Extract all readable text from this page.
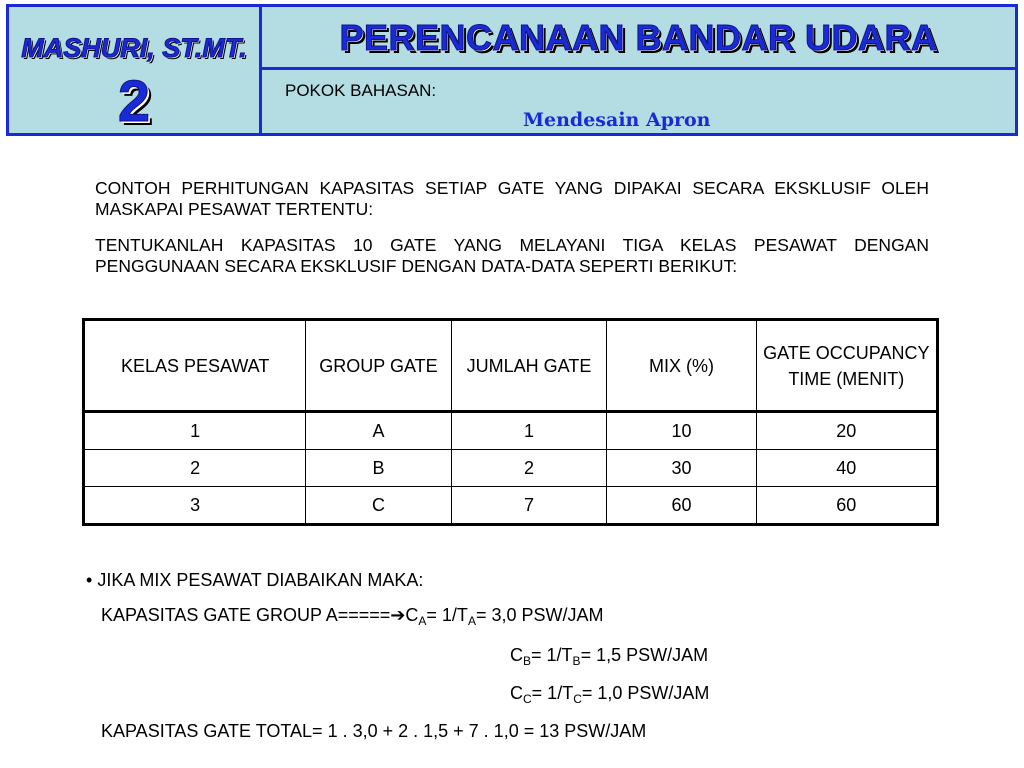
MASHURI, ST.MT.
2
PERENCANAAN BANDAR UDARA
POKOK BAHASAN:
Mendesain Apron

CONTOH PERHITUNGAN KAPASITAS SETIAP GATE YANG DIPAKAI SECARA EKSKLUSIF OLEH MASKAPAI PESAWAT TERTENTU:

TENTUKANLAH KAPASITAS 10 GATE YANG MELAYANI TIGA KELAS PESAWAT DENGAN PENGGUNAAN SECARA EKSKLUSIF DENGAN DATA-DATA SEPERTI BERIKUT:

KELAS PESAWAT	GROUP GATE	JUMLAH GATE	MIX (%)	GATE OCCUPANCY TIME (MENIT)
1	A	1	10	20
2	B	2	30	40
3	C	7	60	60
• JIKA MIX PESAWAT DIABAIKAN MAKA:
KAPASITAS GATE GROUP $A=====➔C_A= 1/T_A= 3,0$ PSW/JAM
$C_B= 1/T_B= 1,5$ PSW/JAM
$C_C= 1/T_C= 1,0$ PSW/JAM
KAPASITAS GATE TOTAL= 1 . 3,0 + 2 . 1,5 + 7 . 1,0 = 13 PSW/JAM
